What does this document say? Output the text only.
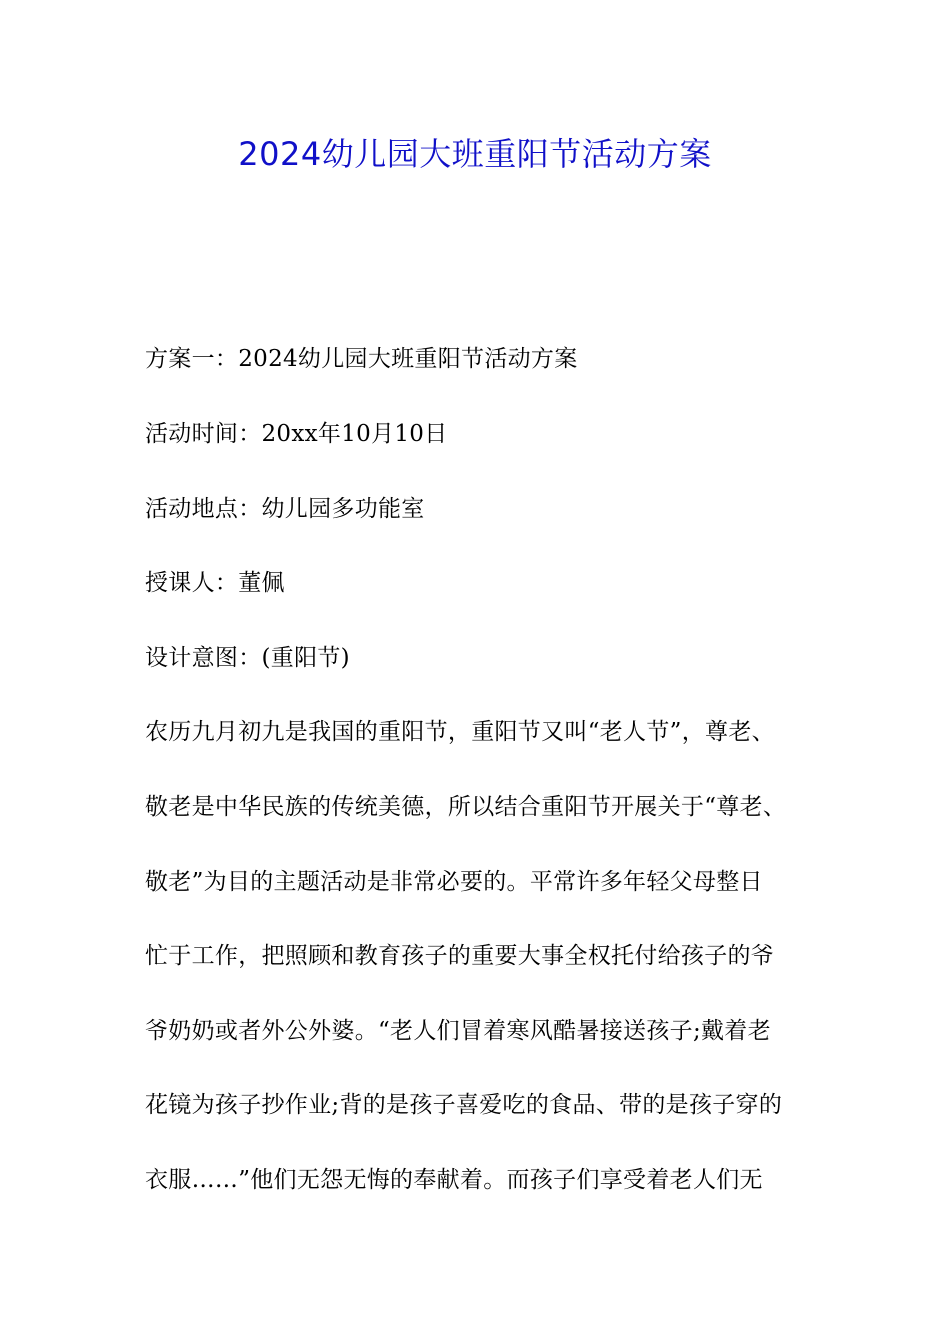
2024幼儿园大班重阳节活动方案
方案一：2024幼儿园大班重阳节活动方案
活动时间：20xx年10月10日
活动地点：幼儿园多功能室
授课人：董佩
设计意图：(重阳节)
农历九月初九是我国的重阳节，重阳节又叫“老人节”，尊老、
敬老是中华民族的传统美德，所以结合重阳节开展关于“尊老、
敬老”为目的主题活动是非常必要的。平常许多年轻父母整日
忙于工作，把照顾和教育孩子的重要大事全权托付给孩子的爷
爷奶奶或者外公外婆。“老人们冒着寒风酷暑接送孩子;戴着老
花镜为孩子抄作业;背的是孩子喜爱吃的食品、带的是孩子穿的
衣服……”他们无怨无悔的奉献着。而孩子们享受着老人们无
